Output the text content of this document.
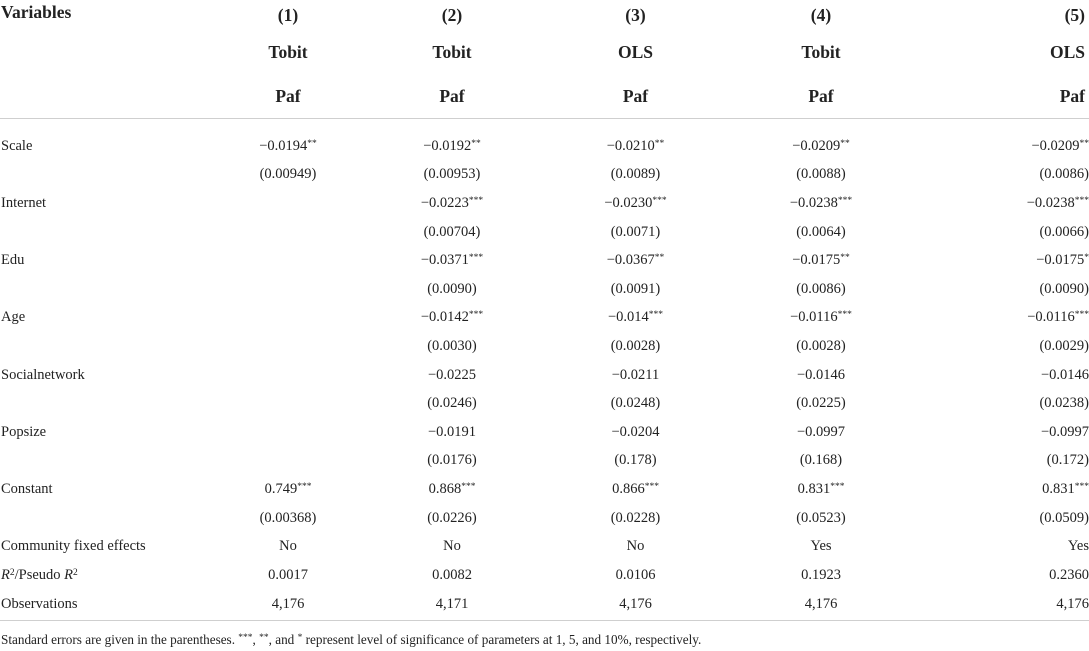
Variables	(1)	(2)	(3)	(4)	(5)
	Tobit	Tobit	OLS	Tobit	OLS
	Paf	Paf	Paf	Paf	Paf

Scale	−0.0194**	−0.0192**	−0.0210**	−0.0209**	−0.0209**
	(0.00949)	(0.00953)	(0.0089)	(0.0088)	(0.0086)
Internet		−0.0223***	−0.0230***	−0.0238***	−0.0238***
		(0.00704)	(0.0071)	(0.0064)	(0.0066)
Edu		−0.0371***	−0.0367**	−0.0175**	−0.0175*
		(0.0090)	(0.0091)	(0.0086)	(0.0090)
Age		−0.0142***	−0.014***	−0.0116***	−0.0116***
		(0.0030)	(0.0028)	(0.0028)	(0.0029)
Socialnetwork		−0.0225	−0.0211	−0.0146	−0.0146
		(0.0246)	(0.0248)	(0.0225)	(0.0238)
Popsize		−0.0191	−0.0204	−0.0997	−0.0997
		(0.0176)	(0.178)	(0.168)	(0.172)
Constant	0.749***	0.868***	0.866***	0.831***	0.831***
	(0.00368)	(0.0226)	(0.0228)	(0.0523)	(0.0509)
Community fixed effects	No	No	No	Yes	Yes
$R^2$/Pseudo $R^2$	0.0017	0.0082	0.0106	0.1923	0.2360
Observations	4,176	4,171	4,176	4,176	4,176
Standard errors are given in the parentheses. ***, **, and * represent level of significance of parameters at 1, 5, and 10%, respectively.
